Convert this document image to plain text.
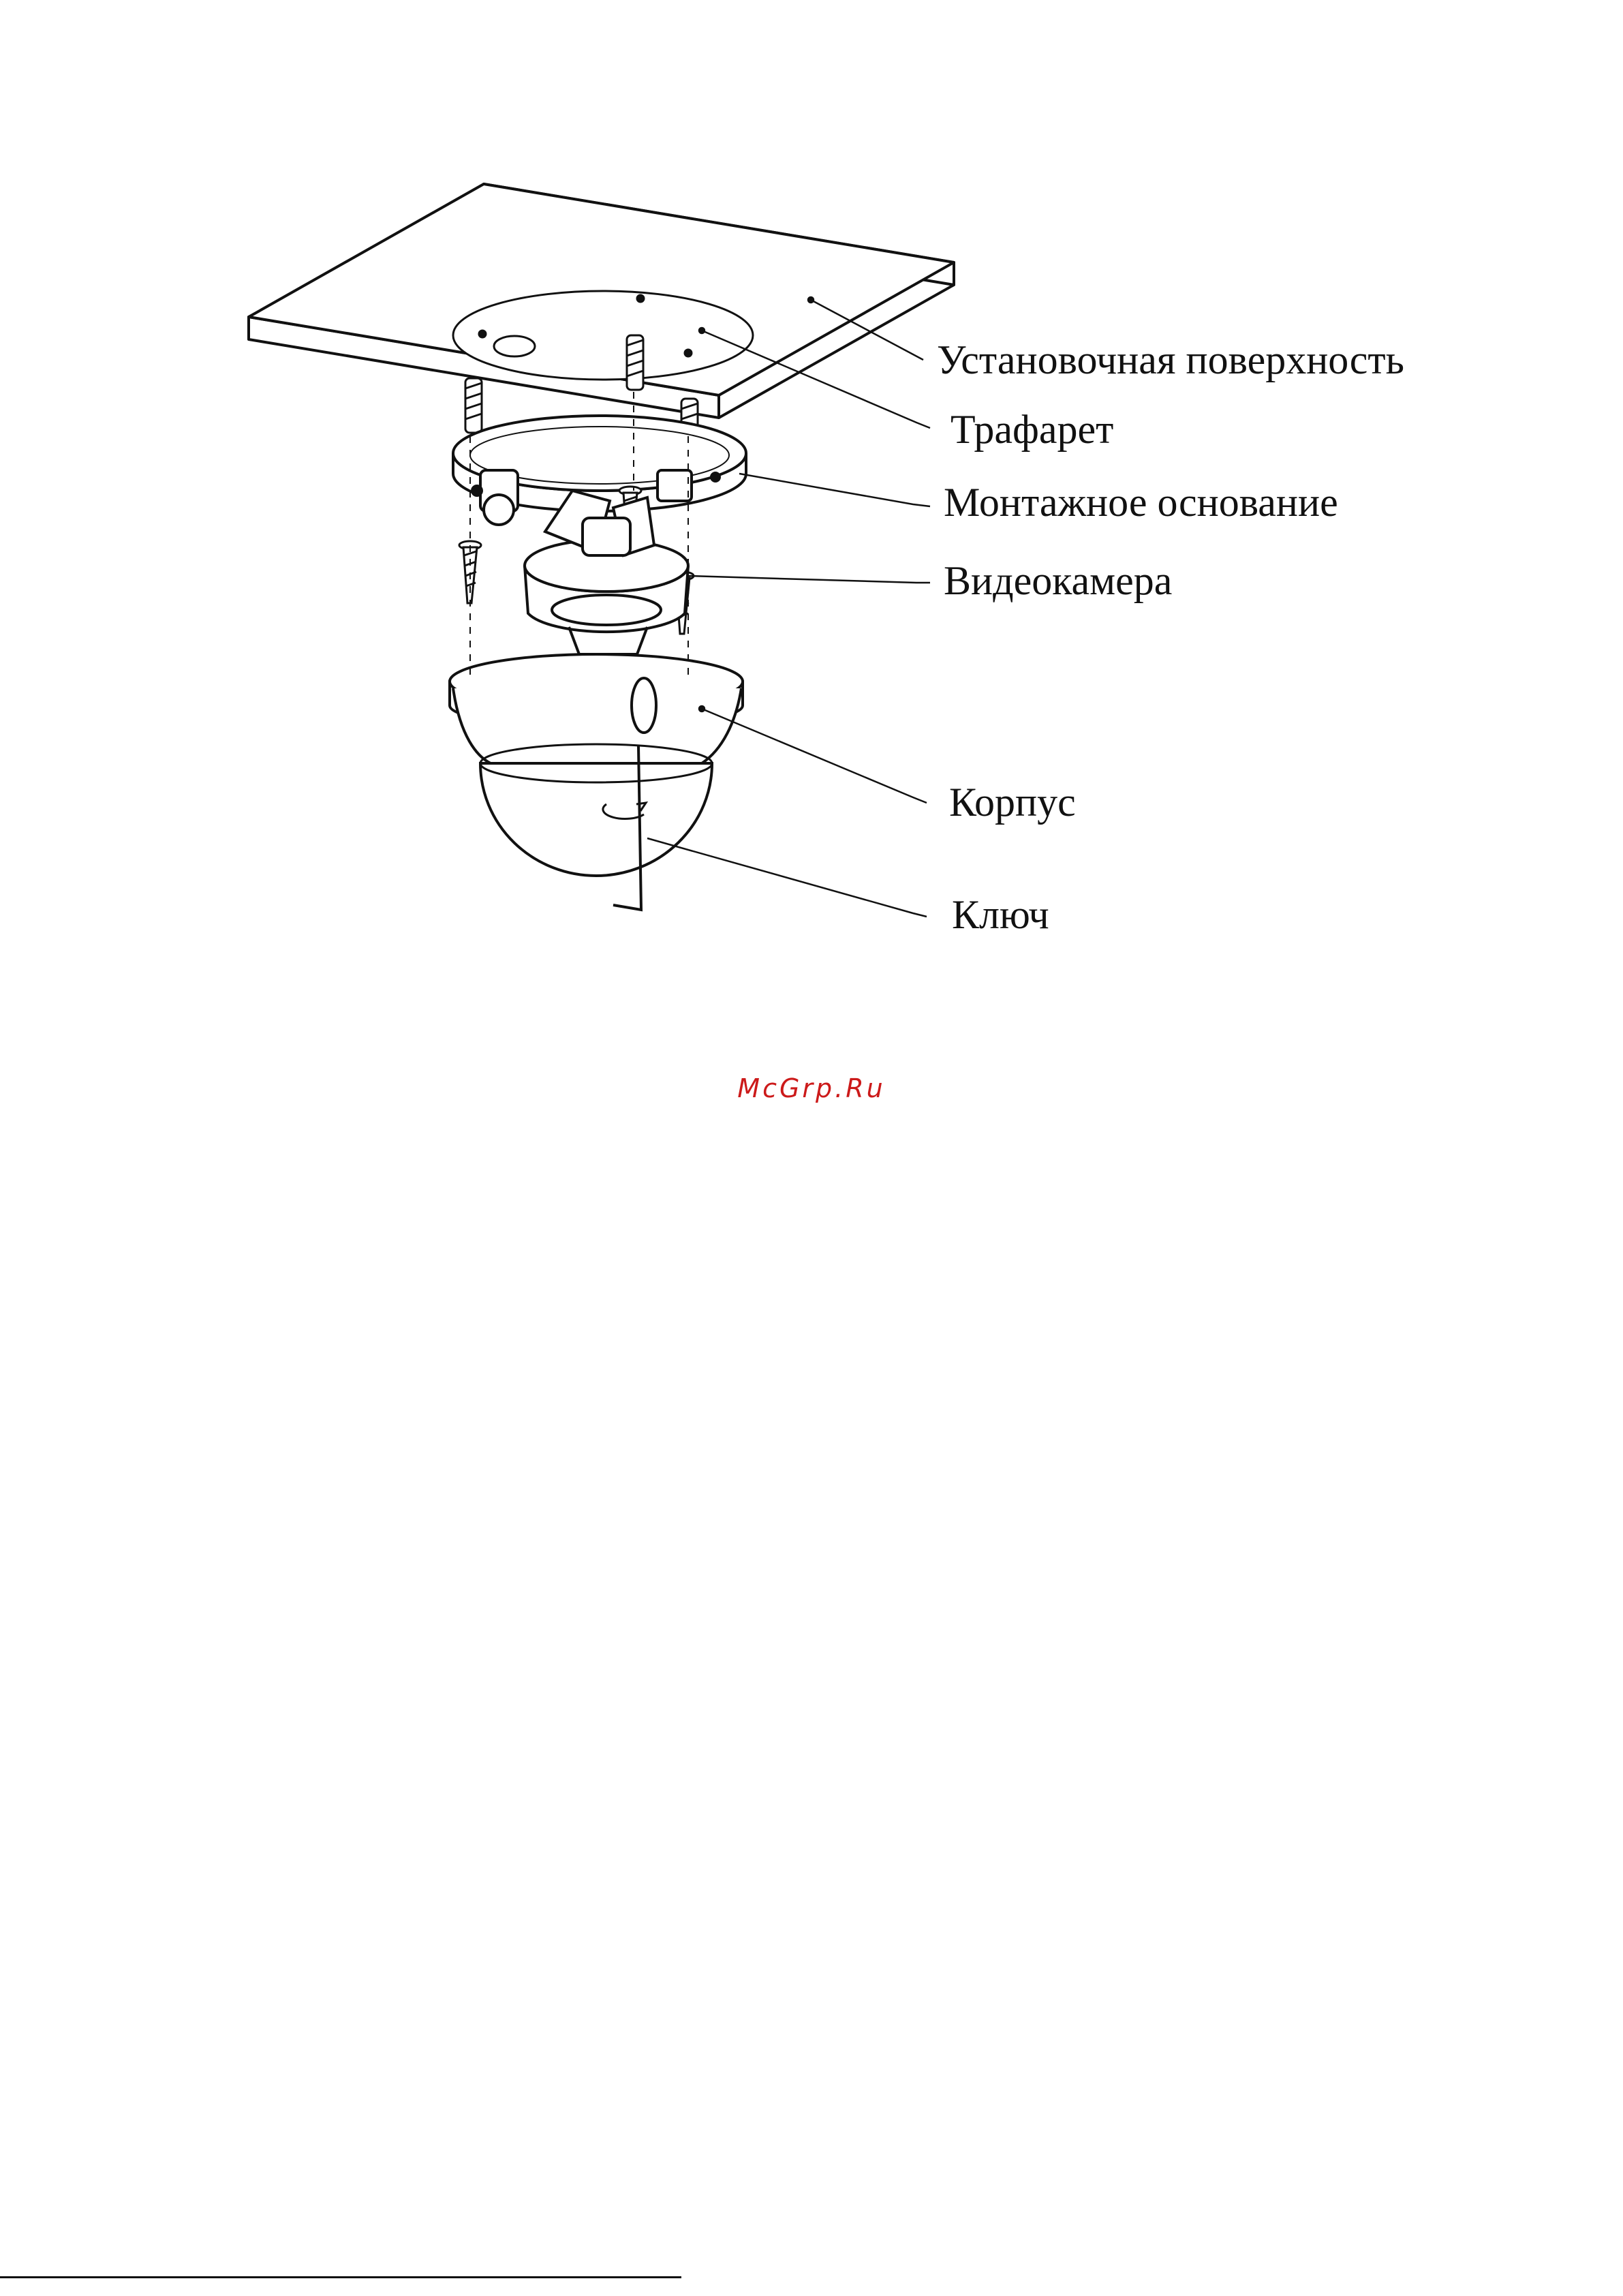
Установочная поверхность
Трафарет
Монтажное основание
Видеокамера
Корпус
Ключ
McGrp.Ru
